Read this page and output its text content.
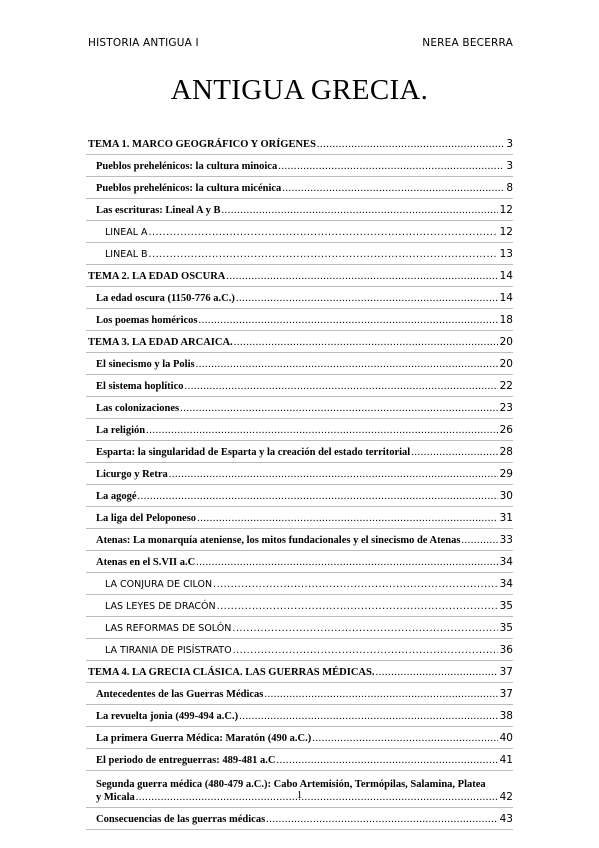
HISTORIA ANTIGUA I	NEREA BECERRA
ANTIGUA GRECIA.
TEMA 1. MARCO GEOGRÁFICO Y ORÍGENES .....	3
Pueblos prehelénicos: la cultura minoica .....	3
Pueblos prehelénicos: la cultura micénica .....	8
Las escrituras: Lineal A y B .....	12
LINEAL A .....	12
LINEAL B .....	13
TEMA 2. LA EDAD OSCURA .....	14
La edad oscura (1150-776 a.C.) .....	14
Los poemas homéricos .....	18
TEMA 3. LA EDAD ARCAICA. .....	20
El sinecismo y la Polis .....	20
El sistema hoplítico .....	22
Las colonizaciones .....	23
La religión .....	26
Esparta: la singularidad de Esparta y la creación del estado territorial .....	28
Licurgo y Retra .....	29
La agogé .....	30
La liga del Peloponeso .....	31
Atenas: La monarquía ateniense, los mitos fundacionales y el sinecismo de Atenas .....	33
Atenas en el S.VII a.C .....	34
LA CONJURA DE CILON .....	34
LAS LEYES DE DRACÓN .....	35
LAS REFORMAS DE SOLÓN .....	35
LA TIRANIA DE PISÍSTRATO .....	36
TEMA 4. LA GRECIA CLÁSICA. LAS GUERRAS MÉDICAS. .....	37
Antecedentes de las Guerras Médicas .....	37
La revuelta jonia (499-494 a.C.) .....	38
La primera Guerra Médica: Maratón (490 a.C.) .....	40
El periodo de entreguerras: 489-481 a.C .....	41
Segunda guerra médica (480-479 a.C.): Cabo Artemisión, Termópilas, Salamina, Platea
y Micala .....	42
Consecuencias de las guerras médicas .....	43
1
